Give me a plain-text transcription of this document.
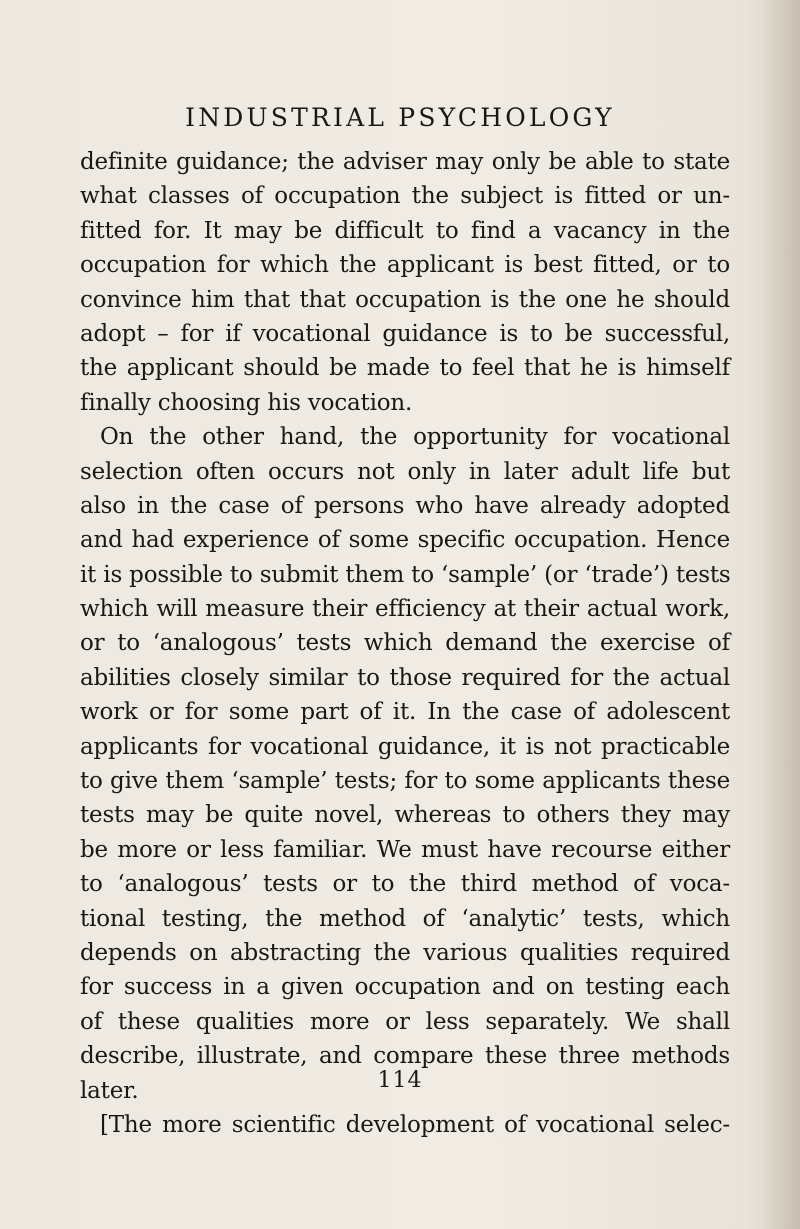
INDUSTRIAL PSYCHOLOGY
definite guidance; the adviser may only be able to state
what classes of occupation the subject is fitted or un-
fitted for. It may be difficult to find a vacancy in the
occupation for which the applicant is best fitted, or to
convince him that that occupation is the one he should
adopt – for if vocational guidance is to be successful,
the applicant should be made to feel that he is himself
finally choosing his vocation.
On the other hand, the opportunity for vocational
selection often occurs not only in later adult life but
also in the case of persons who have already adopted
and had experience of some specific occupation. Hence
it is possible to submit them to ‘sample’ (or ‘trade’) tests
which will measure their efficiency at their actual work,
or to ‘analogous’ tests which demand the exercise of
abilities closely similar to those required for the actual
work or for some part of it. In the case of adolescent
applicants for vocational guidance, it is not practicable
to give them ‘sample’ tests; for to some applicants these
tests may be quite novel, whereas to others they may
be more or less familiar. We must have recourse either
to ‘analogous’ tests or to the third method of voca-
tional testing, the method of ‘analytic’ tests, which
depends on abstracting the various qualities required
for success in a given occupation and on testing each
of these qualities more or less separately. We shall
describe, illustrate, and compare these three methods
later.
[The more scientific development of vocational selec-
114
